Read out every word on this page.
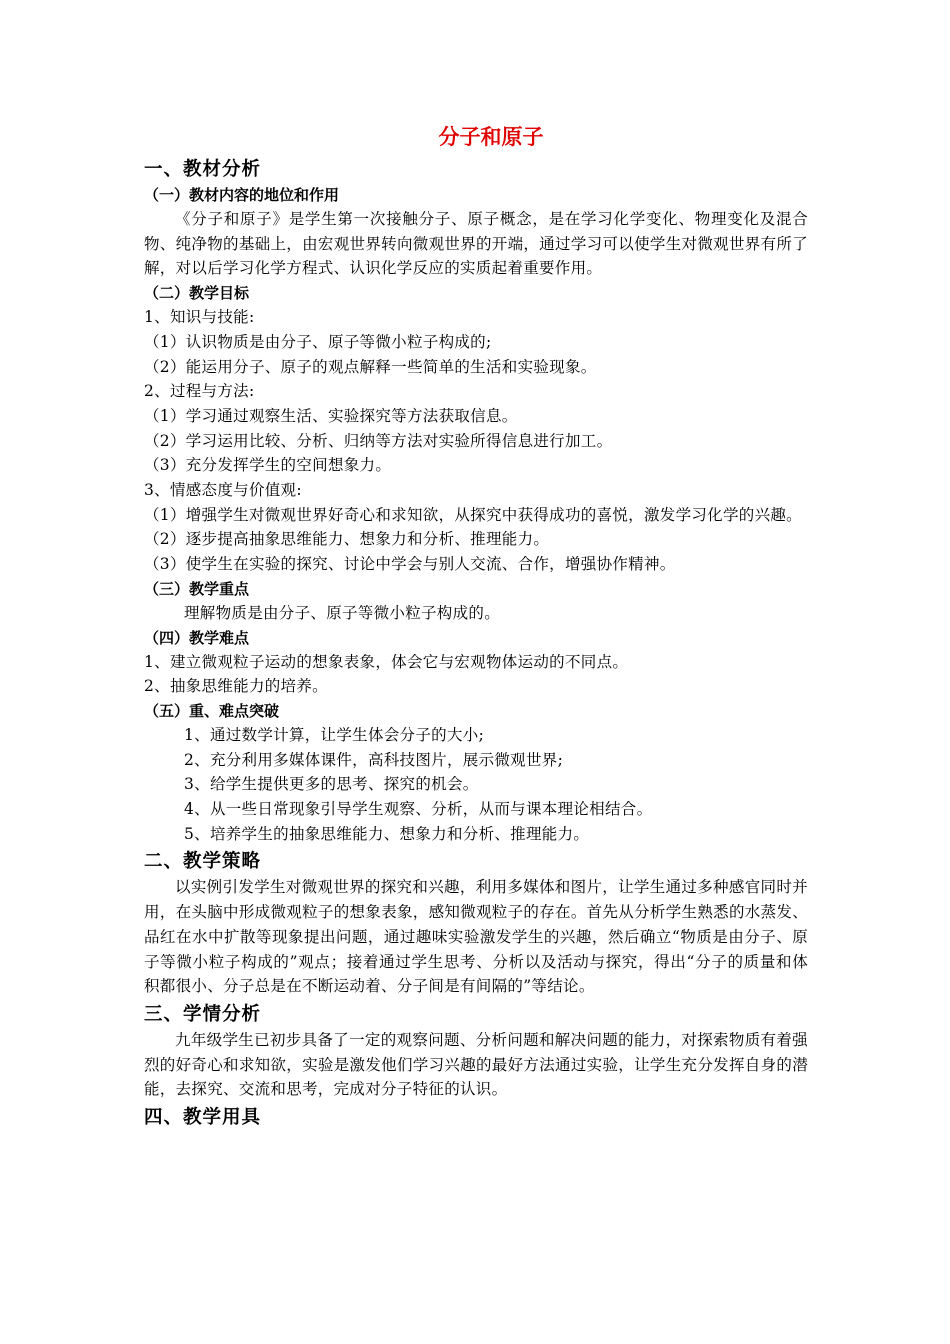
分子和原子
一、教材分析
（一）教材内容的地位和作用
《分子和原子》是学生第一次接触分子、原子概念，是在学习化学变化、物理变化及混合物、纯净物的基础上，由宏观世界转向微观世界的开端，通过学习可以使学生对微观世界有所了解，对以后学习化学方程式、认识化学反应的实质起着重要作用。
（二）教学目标
1、知识与技能:
（1）认识物质是由分子、原子等微小粒子构成的;
（2）能运用分子、原子的观点解释一些简单的生活和实验现象。
2、过程与方法:
（1）学习通过观察生活、实验探究等方法获取信息。
（2）学习运用比较、分析、归纳等方法对实验所得信息进行加工。
（3）充分发挥学生的空间想象力。
3、情感态度与价值观:
（1）增强学生对微观世界好奇心和求知欲，从探究中获得成功的喜悦，激发学习化学的兴趣。
（2）逐步提高抽象思维能力、想象力和分析、推理能力。
（3）使学生在实验的探究、讨论中学会与别人交流、合作，增强协作精神。
（三）教学重点
理解物质是由分子、原子等微小粒子构成的。
（四）教学难点
1、建立微观粒子运动的想象表象，体会它与宏观物体运动的不同点。
2、抽象思维能力的培养。
（五）重、难点突破
1、通过数学计算，让学生体会分子的大小;
2、充分利用多媒体课件，高科技图片，展示微观世界;
3、给学生提供更多的思考、探究的机会。
4、从一些日常现象引导学生观察、分析，从而与课本理论相结合。
5、培养学生的抽象思维能力、想象力和分析、推理能力。
二、教学策略
以实例引发学生对微观世界的探究和兴趣，利用多媒体和图片，让学生通过多种感官同时并用，在头脑中形成微观粒子的想象表象，感知微观粒子的存在。首先从分析学生熟悉的水蒸发、品红在水中扩散等现象提出问题，通过趣味实验激发学生的兴趣，然后确立“物质是由分子、原子等微小粒子构成的”观点；接着通过学生思考、分析以及活动与探究，得出“分子的质量和体积都很小、分子总是在不断运动着、分子间是有间隔的”等结论。
三、学情分析
九年级学生已初步具备了一定的观察问题、分析问题和解决问题的能力，对探索物质有着强烈的好奇心和求知欲，实验是激发他们学习兴趣的最好方法通过实验，让学生充分发挥自身的潜能，去探究、交流和思考，完成对分子特征的认识。
四、教学用具
